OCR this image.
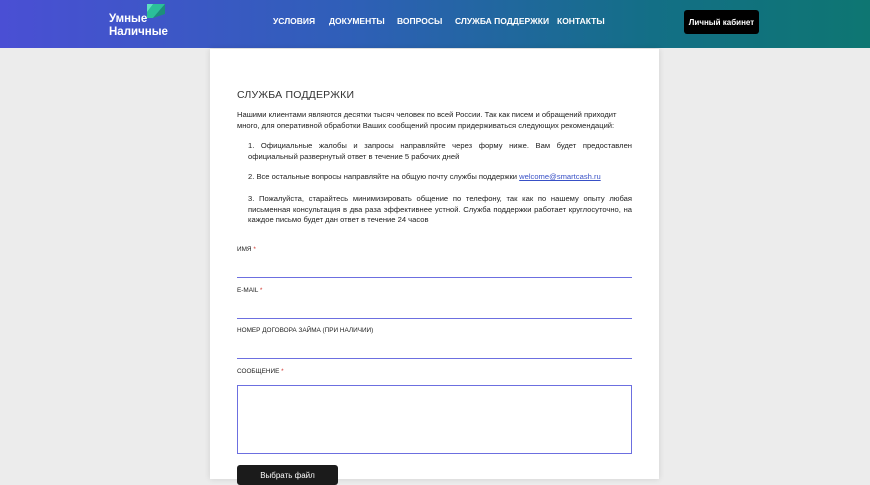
Умные
Наличные
УСЛОВИЯ ДОКУМЕНТЫ ВОПРОСЫ СЛУЖБА ПОДДЕРЖКИ КОНТАКТЫ	Личный кабинет
СЛУЖБА ПОДДЕРЖКИ
Нашими клиентами являются десятки тысяч человек по всей России. Так как писем и обращений приходит много, для оперативной обработки Ваших сообщений просим придерживаться следующих рекомендаций:
1. Официальные жалобы и запросы направляйте через форму ниже. Вам будет предоставлен официальный развернутый ответ в течение 5 рабочих дней
2. Все остальные вопросы направляйте на общую почту службы поддержки welcome@smartcash.ru
3. Пожалуйста, старайтесь минимизировать общение по телефону, так как по нашему опыту любая письменная консультация в два раза эффективнее устной. Служба поддержки работает круглосуточно, на каждое письмо будет дан ответ в течение 24 часов
ИМЯ *
E-MAIL *
НОМЕР ДОГОВОРА ЗАЙМА (ПРИ НАЛИЧИИ)
СООБЩЕНИЕ *
Выбрать файл
